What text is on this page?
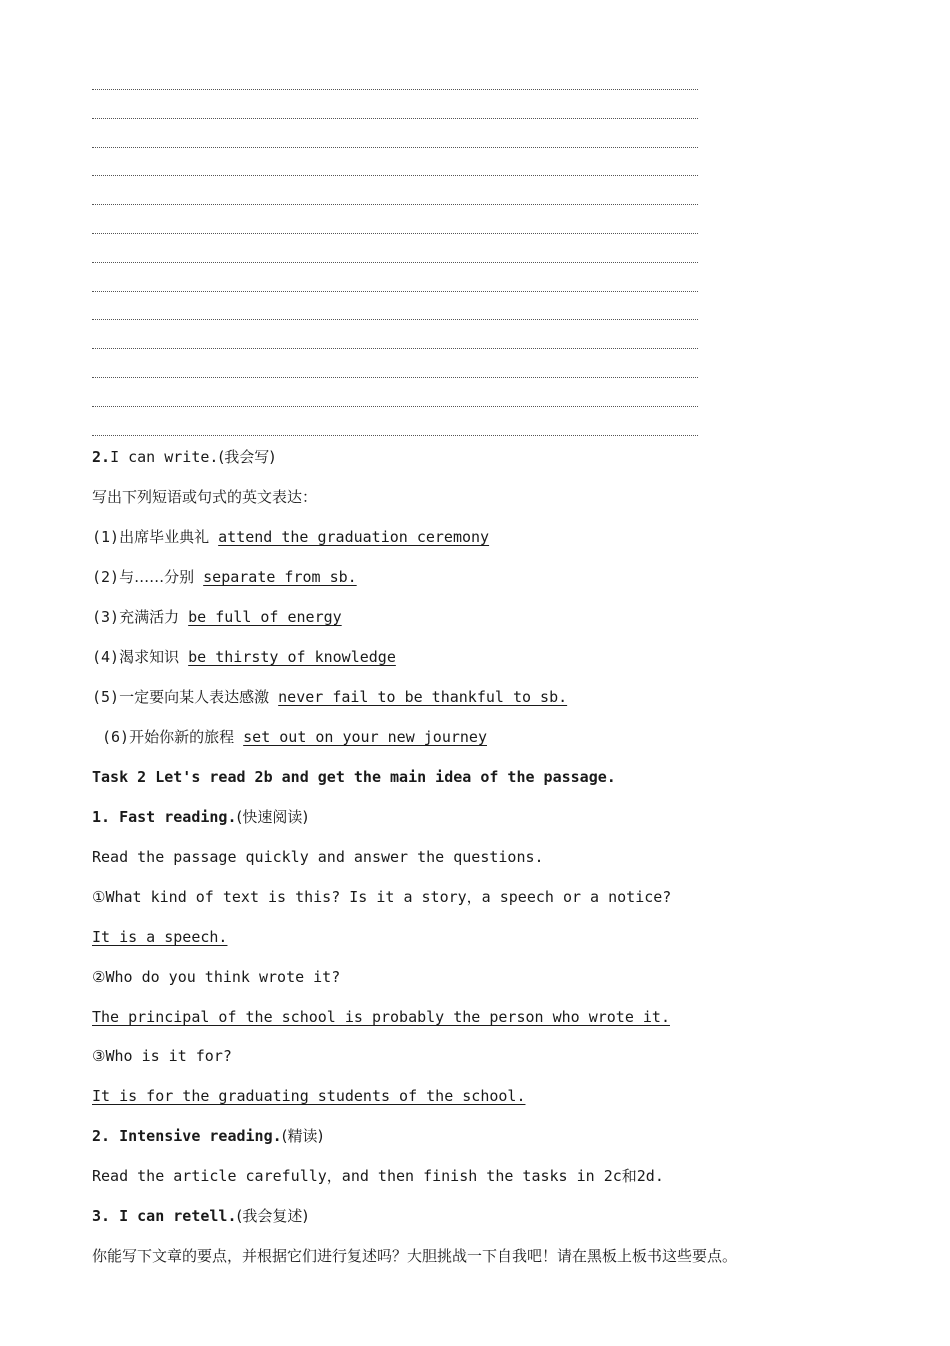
2.I can write.(我会写)
写出下列短语或句式的英文表达：
(1)出席毕业典礼 attend the graduation ceremony
(2)与……分别 separate from sb.
(3)充满活力 be full of energy
(4)渴求知识 be thirsty of knowledge
(5)一定要向某人表达感激 never fail to be thankful to sb.
(6)开始你新的旅程 set out on your new journey
Task 2 Let's read 2b and get the main idea of the passage.
1. Fast reading.(快速阅读)
Read the passage quickly and answer the questions.
①What kind of text is this? Is it a story，a speech or a notice?
It is a speech.
②Who do you think wrote it?
The principal of the school is probably the person who wrote it.
③Who is it for?
It is for the graduating students of the school.
2. Intensive reading.(精读)
Read the article carefully，and then finish the tasks in 2c和2d.
3. I can retell.(我会复述)
你能写下文章的要点，并根据它们进行复述吗？大胆挑战一下自我吧！请在黑板上板书这些要点。
